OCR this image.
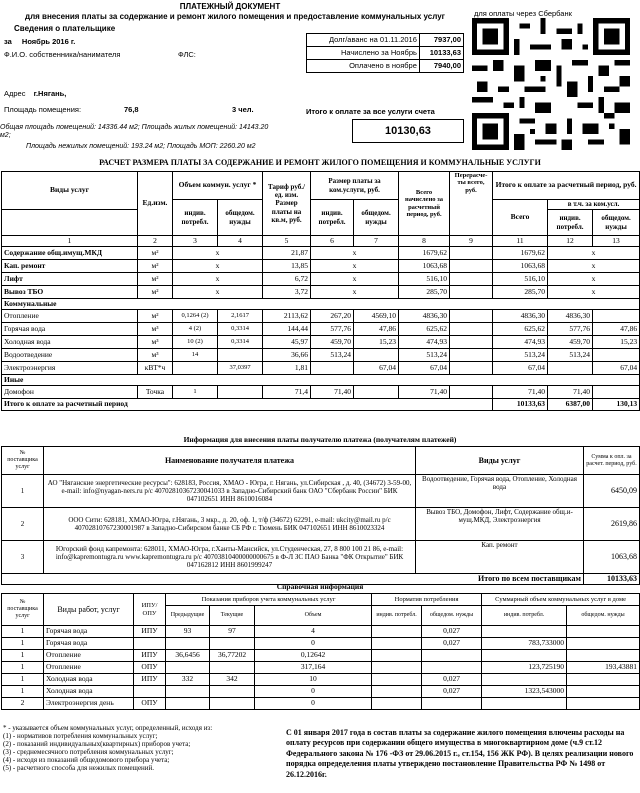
ПЛАТЕЖНЫЙ ДОКУМЕНТ
для внесения платы за содержание и ремонт жилого помещения и предоставление коммунальных услуг	для оплаты через Сбербанк
Сведения о плательщике
за Ноябрь 2016 г.
Ф.И.О. собственника/нанимателя	ФЛС:
Адрес г.Нягань,
Площадь помещения:	76,8	3 чел.
Общая площадь помещений: 14336.44 м2; Площадь жилых помещений: 14143.20 м2;
Площадь нежилых помещений: 193.24 м2; Площадь МОП: 2260.20 м2
Долг/аванс на 01.11.2016	7937,00
Начислено за Ноябрь	10133,63
Оплачено в ноябре	7940,00
Итого к оплате за все услуги счета
10130,63
РАСЧЕТ РАЗМЕРА ПЛАТЫ ЗА СОДЕРЖАНИЕ И РЕМОНТ ЖИЛОГО ПОМЕЩЕНИЯ И КОММУНАЛЬНЫЕ УСЛУГИ
Виды услуг	Ед.изм.	Объем коммун. услуг *		Тариф руб./ед. изм. Размер платы на кв.м, руб.	Размер платы за ком.услуги, руб.		Всего начислено за расчетный период, руб.	Перерасче-ты всего, руб.	Итого к оплате за расчетный период, руб.		
		индив. потребл.	общедом. нужды		индив. потребл.	общедом. нужды			Всего	в т.ч. за ком.усл.	
										индив. потребл.	общедом. нужды
1	2	3	4	5	6	7	8	9	11	12	13
Содержание общ.имущ.МКД	м²	x		21,87	x		1679,62		1679,62	x	
Кап. ремонт	м²	x		13,85	x		1063,68		1063,68	x	
Лифт	м²	x		6,72	x		516,10		516,10	x	
Вывоз ТБО	м²	x		3,72	x		285,70		285,70	x	
Коммунальные											
Отопление	м²	0,1264 (2)	2,1617	2113,62	267,20	4569,10	4836,30		4836,30	4836,30	
Горячая вода	м³	4 (2)	0,3314	144,44	577,76	47,86	625,62		625,62	577,76	47,86
Холодная вода	м³	10 (2)	0,3314	45,97	459,70	15,23	474,93		474,93	459,70	15,23
Водоотведение	м³	14		36,66	513,24		513,24		513,24	513,24	
Электроэнергия	кВТ*ч		37,0397	1,81		67,04	67,04		67,04		67,04
Иные											
Домофон	Точка	1		71,4	71,40		71,40		71,40	71,40	
Итого к оплате за расчетный период									10133,63	6387,00	130,13
Информация для внесения платы получателю платежа (получателям платежей)
№ поставщика услуг	Наименование получателя платежа	Виды услуг	Сумма к опл. за расчет. период, руб.
1	АО "Няганские энергетические ресурсы": 628183, Россия, ХМАО - Югра, г. Нягань, ул.Сибирская , д. 40, (34672) 3-59-00, e-mail: info@nyagan-ners.ru р/с 40702810367230041033 в Западно-Сибирский банк ОАО "Сбербанк России" БИК 047102651 ИНН 8610016084	Водоотведение, Горячая вода, Отопление, Холодная вода	6450,09
2	ООО Сити: 628181, ХМАО-Югра, г.Нягань, 3 мкр., д. 20, оф. 1, т/ф (34672) 62291, e-mail: ukcity@mail.ru р/с 40702810767230001987 в Западно-Сибирском банке СБ РФ г. Тюмень БИК 047102651 ИНН 8610023324	Вывоз ТБО, Домофон, Лифт, Содержание общ.и-мущ.МКД, Электроэнергия	2619,86
3	Югорский фонд капремонта: 628011, ХМАО-Югра, г.Ханты-Мансийск, ул.Студенческая, 27, 8 800 100 21 86, e-mail: info@kapremontugra.ru www.kapremontugra.ru р/с 40703810400000000675 в Ф-Л ЗС ПАО Банка "ФК Открытие" БИК 047162812 ИНН 8601999247	Кап. ремонт	1063,68
Итого по всем поставщикам			10133,63
Справочная информация
№ поставщика услуг	Виды работ, услуг	ИПУ/ОПУ	Показания приборов учета коммунальных услуг			Норматив потребления		Суммарный объем коммунальных услуг в доме	
			Предыдущие	Текущие	Объем	индив. потребл.	общедом. нужды	индив. потребл.	общедом. нужды
1	Горячая вода	ИПУ	93	97	4		0,027		
1	Горячая вода				0		0,027	783,733000	
1	Отопление	ИПУ	36,6456	36,77202	0,12642				
1	Отопление	ОПУ			317,164			123,725190	193,43881
1	Холодная вода	ИПУ	332	342	10		0,027		
1	Холодная вода				0		0,027	1323,543000	
2	Электроэнергия день	ОПУ			0				
* - указывается объем коммунальных услуг, определенный, исходя из:
(1) - нормативов потребления коммунальных услуг;
(2) - показаний индивидуальных(квартирных) приборов учета;
(3) - среднемесячного потребления коммунальных услуг;
(4) - исходя из показаний общедомового прибора учета;
(5) - расчетного способа для нежилых помещений.
С 01 января 2017 года в состав платы за содержание жилого помещения влючены расходы на оплату ресурсов при содержании общего имущества в многоквартирном доме (ч.9 ст.12 Федерального закона № 176 -ФЗ от 29.06.2015 г., ст.154, 156 ЖК РФ). В целях реализации нового порядка опредеделения платы утверждено постановление Правительства РФ № 1498 от 26.12.2016г.
